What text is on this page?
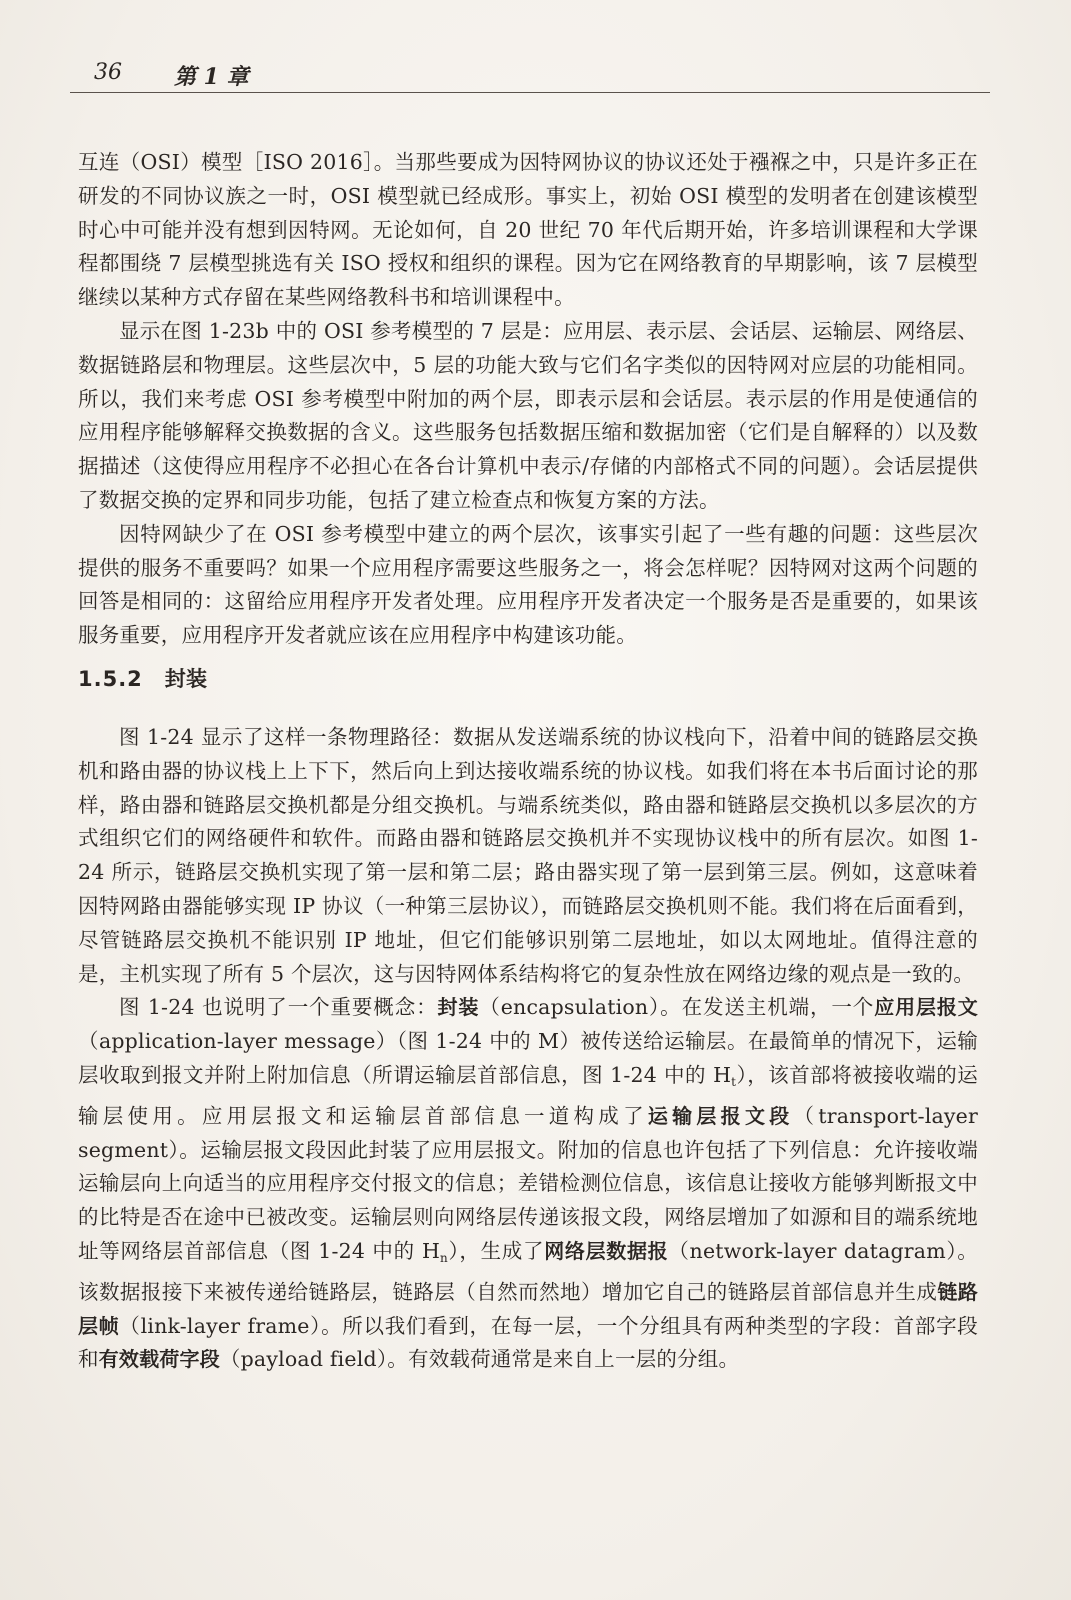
36 第 1 章

互连（OSI）模型［ISO 2016］。当那些要成为因特网协议的协议还处于襁褓之中，只是许多正在研发的不同协议族之一时，OSI 模型就已经成形。事实上，初始 OSI 模型的发明者在创建该模型时心中可能并没有想到因特网。无论如何，自 20 世纪 70 年代后期开始，许多培训课程和大学课程都围绕 7 层模型挑选有关 ISO 授权和组织的课程。因为它在网络教育的早期影响，该 7 层模型继续以某种方式存留在某些网络教科书和培训课程中。

显示在图 1-23b 中的 OSI 参考模型的 7 层是：应用层、表示层、会话层、运输层、网络层、数据链路层和物理层。这些层次中，5 层的功能大致与它们名字类似的因特网对应层的功能相同。所以，我们来考虑 OSI 参考模型中附加的两个层，即表示层和会话层。表示层的作用是使通信的应用程序能够解释交换数据的含义。这些服务包括数据压缩和数据加密（它们是自解释的）以及数据描述（这使得应用程序不必担心在各台计算机中表示/存储的内部格式不同的问题）。会话层提供了数据交换的定界和同步功能，包括了建立检查点和恢复方案的方法。

因特网缺少了在 OSI 参考模型中建立的两个层次，该事实引起了一些有趣的问题：这些层次提供的服务不重要吗？如果一个应用程序需要这些服务之一，将会怎样呢？因特网对这两个问题的回答是相同的：这留给应用程序开发者处理。应用程序开发者决定一个服务是否是重要的，如果该服务重要，应用程序开发者就应该在应用程序中构建该功能。

1.5.2 封装

图 1-24 显示了这样一条物理路径：数据从发送端系统的协议栈向下，沿着中间的链路层交换机和路由器的协议栈上上下下，然后向上到达接收端系统的协议栈。如我们将在本书后面讨论的那样，路由器和链路层交换机都是分组交换机。与端系统类似，路由器和链路层交换机以多层次的方式组织它们的网络硬件和软件。而路由器和链路层交换机并不实现协议栈中的所有层次。如图 1-24 所示，链路层交换机实现了第一层和第二层；路由器实现了第一层到第三层。例如，这意味着因特网路由器能够实现 IP 协议（一种第三层协议），而链路层交换机则不能。我们将在后面看到，尽管链路层交换机不能识别 IP 地址，但它们能够识别第二层地址，如以太网地址。值得注意的是，主机实现了所有 5 个层次，这与因特网体系结构将它的复杂性放在网络边缘的观点是一致的。

图 1-24 也说明了一个重要概念：封装（encapsulation）。在发送主机端，一个应用层报文（application-layer message）（图 1-24 中的 M）被传送给运输层。在最简单的情况下，运输层收取到报文并附上附加信息（所谓运输层首部信息，图 1-24 中的 $H_t$），该首部将被接收端的运输层使用。应用层报文和运输层首部信息一道构成了运输层报文段（transport-layer segment）。运输层报文段因此封装了应用层报文。附加的信息也许包括了下列信息：允许接收端运输层向上向适当的应用程序交付报文的信息；差错检测位信息，该信息让接收方能够判断报文中的比特是否在途中已被改变。运输层则向网络层传递该报文段，网络层增加了如源和目的端系统地址等网络层首部信息（图 1-24 中的 $H_n$），生成了网络层数据报（network-layer datagram）。该数据报接下来被传递给链路层，链路层（自然而然地）增加它自己的链路层首部信息并生成链路层帧（link-layer frame）。所以我们看到，在每一层，一个分组具有两种类型的字段：首部字段和有效载荷字段（payload field）。有效载荷通常是来自上一层的分组。
